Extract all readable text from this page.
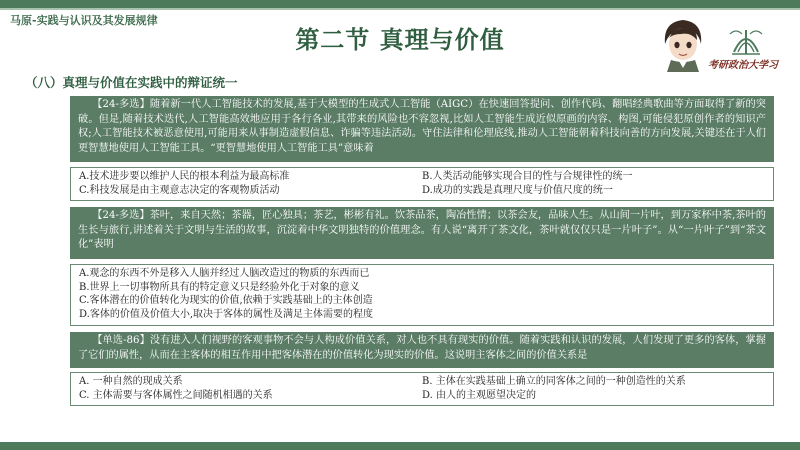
马原-实践与认识及其发展规律
第二节 真理与价值
考研政治大学习
（八）真理与价值在实践中的辩证统一
【24-多选】随着新一代人工智能技术的发展,基于大模型的生成式人工智能（AIGC）在快速回答提问、创作代码、翻唱经典歌曲等方面取得了新的突破。但是,随着技术迭代,人工智能高效地应用于各行各业,其带来的风险也不容忽视,比如人工智能生成近似原画的内容、构图,可能侵犯原创作者的知识产权;人工智能技术被恶意使用,可能用来从事制造虚假信息、诈骗等违法活动。守住法律和伦理底线,推动人工智能朝着科技向善的方向发展,关键还在于人们更智慧地使用人工智能工具。“更智慧地使用人工智能工具”意味着
A.技术进步要以维护人民的根本利益为最高标准	B.人类活动能够实现合目的性与合规律性的统一
C.科技发展是由主观意志决定的客观物质活动	D.成功的实践是真理尺度与价值尺度的统一
【24-多选】茶叶，来自天然；茶器，匠心独具；茶艺，彬彬有礼。饮茶品茶，陶冶性情；以茶会友，品味人生。从山间一片叶，到万家杯中茶,茶叶的生长与旅行,讲述着关于文明与生活的故事，沉淀着中华文明独特的价值理念。有人说“离开了茶文化，茶叶就仅仅只是一片叶子”。从“一片叶子”到“茶文化”表明
A.观念的东西不外是移入人脑并经过人脑改造过的物质的东西而已
B.世界上一切事物所具有的特定意义只是经验外化于对象的意义
C.客体潜在的价值转化为现实的价值,依赖于实践基础上的主体创造
D.客体的价值及价值大小,取决于客体的属性及满足主体需要的程度
【单选-86】没有进入人们视野的客观事物不会与人构成价值关系，对人也不具有现实的价值。随着实践和认识的发展，人们发现了更多的客体，掌握了它们的属性，从而在主客体的相互作用中把客体潜在的价值转化为现实的价值。这说明主客体之间的价值关系是
A. 一种自然的现成关系	B. 主体在实践基础上确立的同客体之间的一种创造性的关系
C. 主体需要与客体属性之间随机相遇的关系	D. 由人的主观愿望决定的
